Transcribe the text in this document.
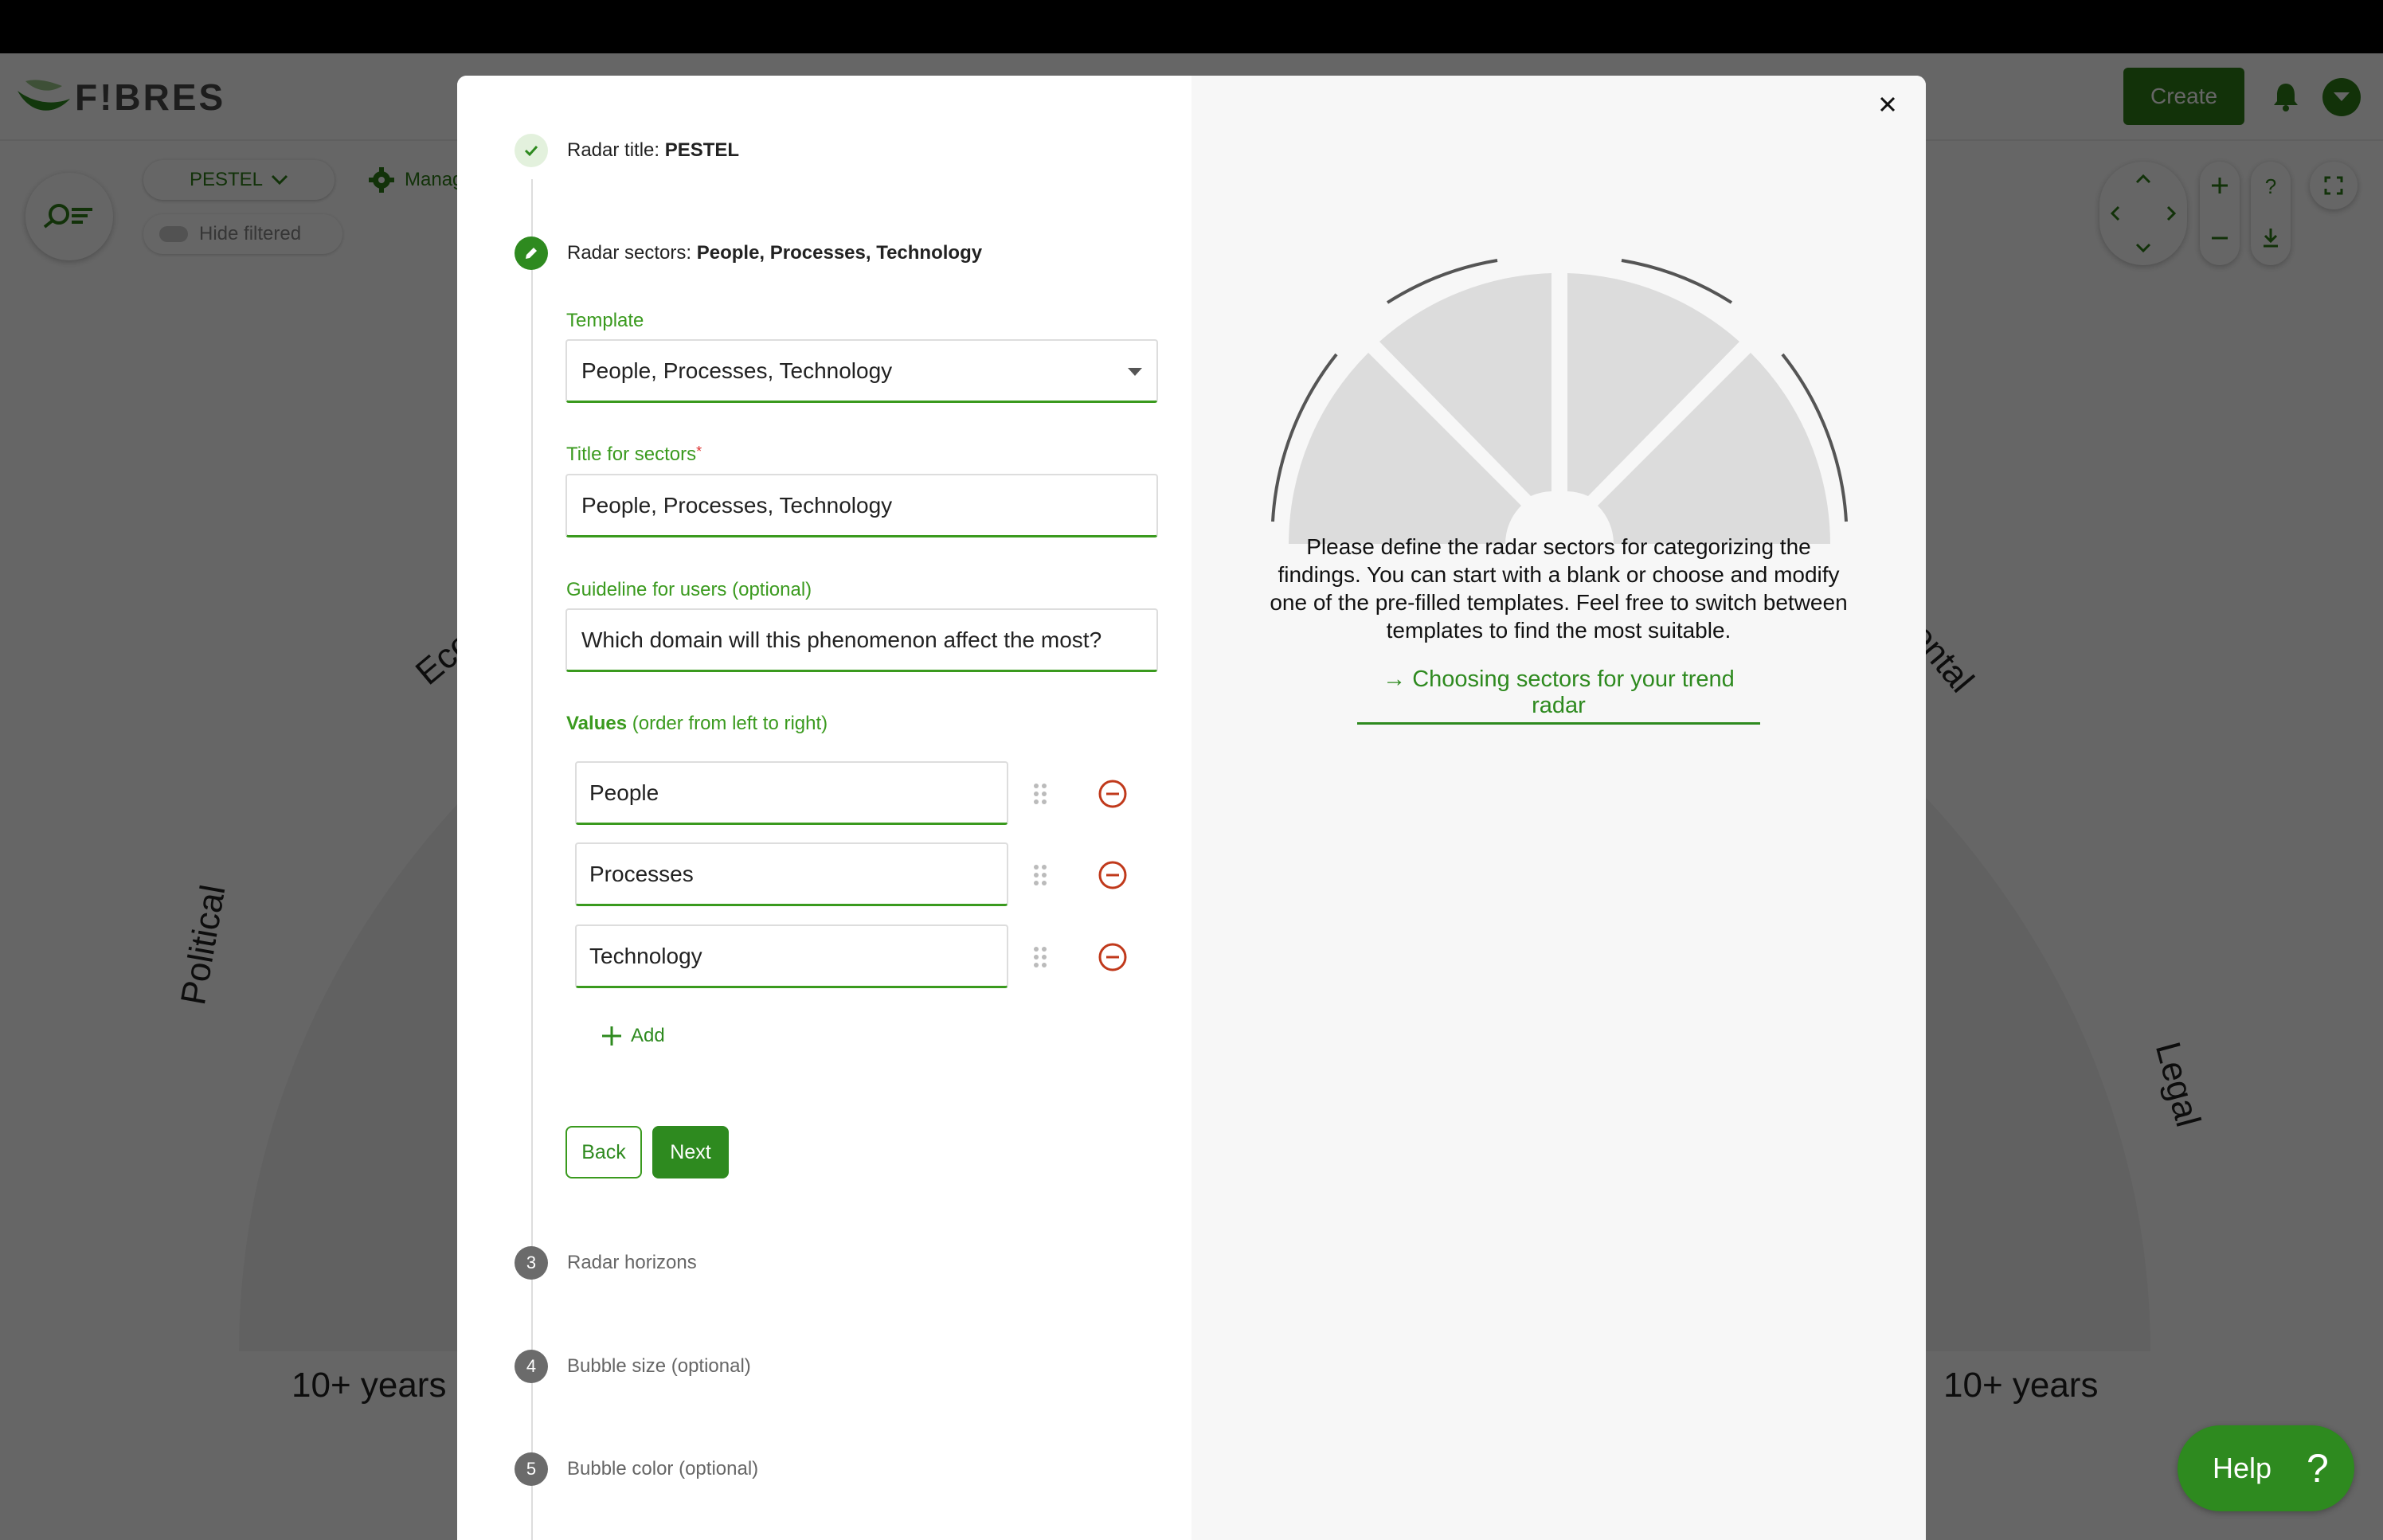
Help ?
Radar title: PESTEL
Radar sectors: People, Processes, Technology
Template
People, Processes, Technology
Title for sectors*
People, Processes, Technology
Guideline for users (optional)
Which domain will this phenomenon affect the most?
Values (order from left to right)
People
Processes
Technology
Add
Back	Next
3	Radar horizons
4	Bubble size (optional)
5	Bubble color (optional)
Please define the radar sectors for categorizing the findings. You can start with a blank or choose and modify one of the pre-filled templates. Feel free to switch between templates to find the most suitable.
→ Choosing sectors for your trend radar
